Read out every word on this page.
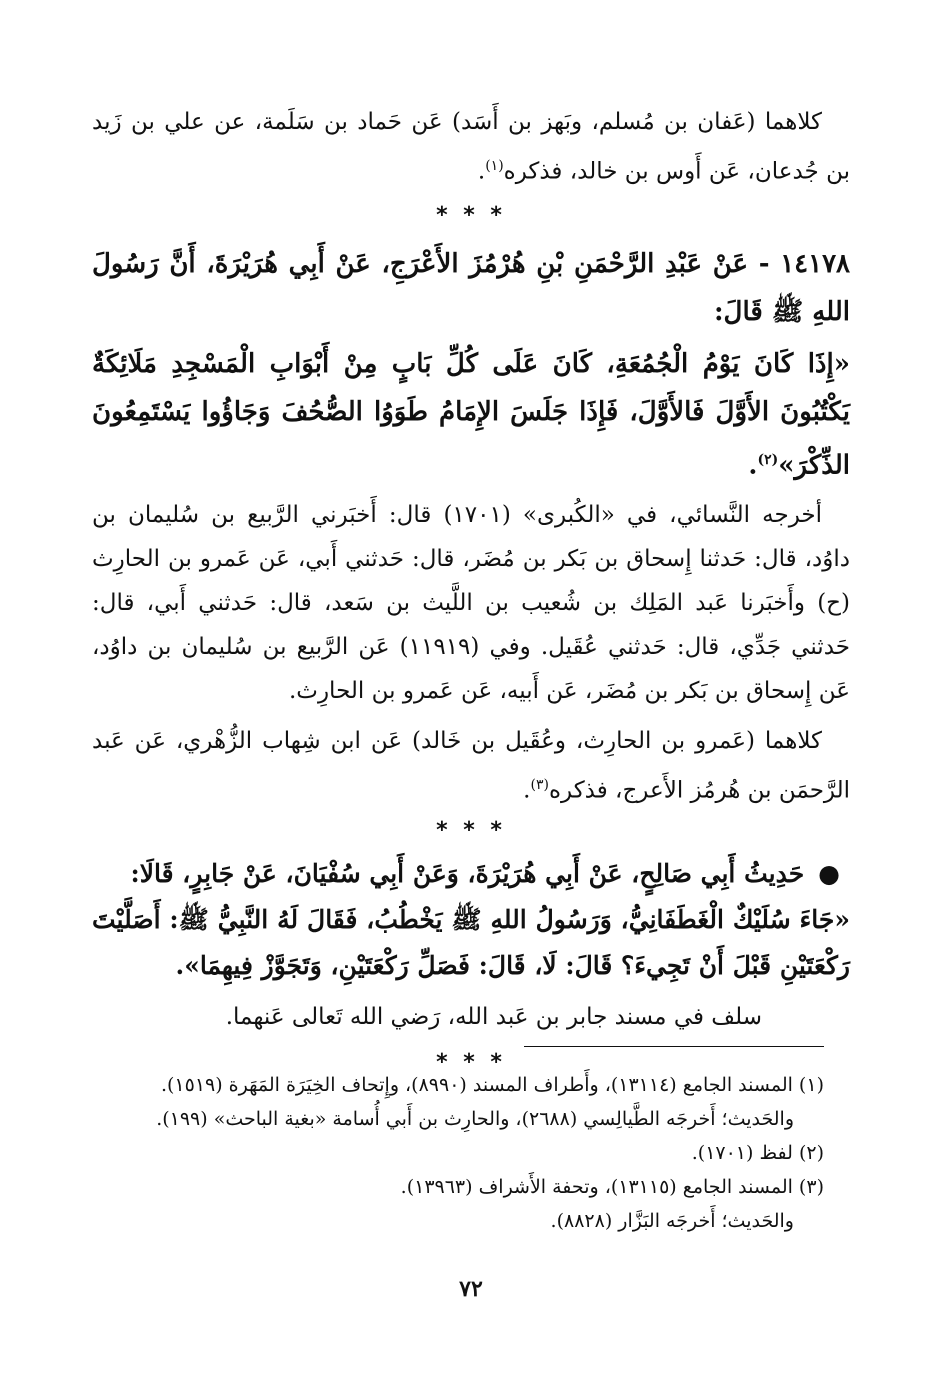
كلاهما (عَفان بن مُسلم، وبَهز بن أَسَد) عَن حَماد بن سَلَمة، عن علي بن زَيد بن جُدعان، عَن أَوس بن خالد، فذكره$^{(١)}$.

* * *

١٤١٧٨ - عَنْ عَبْدِ الرَّحْمَنِ بْنِ هُرْمُزَ الأَعْرَجِ، عَنْ أَبِي هُرَيْرَةَ، أَنَّ رَسُولَ اللهِ ﷺ قَالَ:

«إِذَا كَانَ يَوْمُ الْجُمُعَةِ، كَانَ عَلَى كُلِّ بَابٍ مِنْ أَبْوَابِ الْمَسْجِدِ مَلَائِكَةٌ يَكْتُبُونَ الأَوَّلَ فَالأَوَّلَ، فَإِذَا جَلَسَ الإِمَامُ طَوَوُا الصُّحُفَ وَجَاؤُوا يَسْتَمِعُونَ الذِّكْرَ»$^{(٢)}$.

أخرجه النَّسائي، في «الكُبرى» (١٧٠١) قال: أَخبَرني الرَّبيع بن سُليمان بن داوُد، قال: حَدثنا إِسحاق بن بَكر بن مُضَر، قال: حَدثني أَبي، عَن عَمرو بن الحارِث (ح) وأَخبَرنا عَبد المَلِك بن شُعيب بن اللَّيث بن سَعد، قال: حَدثني أَبي، قال: حَدثني جَدِّي، قال: حَدثني عُقَيل. وفي (١١٩١٩) عَن الرَّبيع بن سُليمان بن داوُد، عَن إِسحاق بن بَكر بن مُضَر، عَن أَبيه، عَن عَمرو بن الحارِث.

كلاهما (عَمرو بن الحارِث، وعُقَيل بن خَالد) عَن ابن شِهاب الزُّهْري، عَن عَبد الرَّحمَن بن هُرمُز الأَعرج، فذكره$^{(٣)}$.

* * *

●حَدِيثُ أَبِي صَالِحٍ، عَنْ أَبِي هُرَيْرَةَ، وَعَنْ أَبِي سُفْيَانَ، عَنْ جَابِرٍ، قَالَا:

«جَاءَ سُلَيْكٌ الْغَطَفَانِيُّ، وَرَسُولُ اللهِ ﷺ يَخْطُبُ، فَقَالَ لَهُ النَّبِيُّ ﷺ: أَصَلَّيْتَ رَكْعَتَيْنِ قَبْلَ أَنْ تَجِيءَ؟ قَالَ: لَا، قَالَ: فَصَلِّ رَكْعَتَيْنِ، وَتَجَوَّزْ فِيهِمَا».

سلف في مسند جابر بن عَبد الله، رَضي الله تَعالى عَنهما.

* * *

(١) المسند الجامع (١٣١١٤)، وأَطراف المسند (٨٩٩٠)، وإِتحاف الخِيَرَة المَهَرة (١٥١٩).
والحَديث؛ أَخرجَه الطَّيالِسي (٢٦٨٨)، والحارِث بن أَبي أُسامة «بغية الباحث» (١٩٩).
(٢) لفظ (١٧٠١).
(٣) المسند الجامع (١٣١١٥)، وتحفة الأَشراف (١٣٩٦٣).
والحَديث؛ أَخرجَه البَزَّار (٨٨٢٨).
٧٢
